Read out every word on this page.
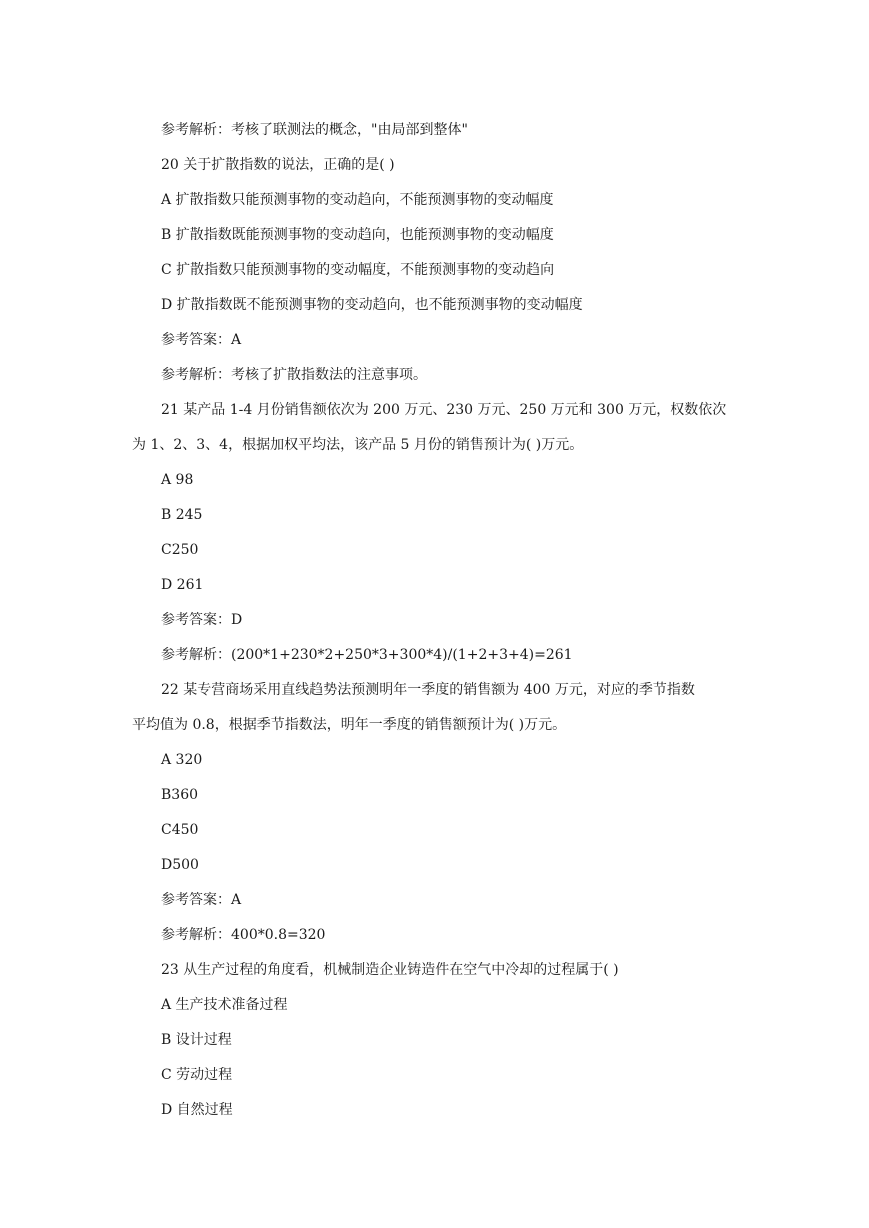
参考解析：考核了联测法的概念，"由局部到整体"
20 关于扩散指数的说法，正确的是( )
A 扩散指数只能预测事物的变动趋向，不能预测事物的变动幅度
B 扩散指数既能预测事物的变动趋向，也能预测事物的变动幅度
C 扩散指数只能预测事物的变动幅度，不能预测事物的变动趋向
D 扩散指数既不能预测事物的变动趋向，也不能预测事物的变动幅度
参考答案：A
参考解析：考核了扩散指数法的注意事项。
21 某产品 1-4 月份销售额依次为 200 万元、230 万元、250 万元和 300 万元，权数依次
为 1、2、3、4，根据加权平均法，该产品 5 月份的销售预计为( )万元。
A 98
B 245
C250
D 261
参考答案：D
参考解析：(200*1+230*2+250*3+300*4)/(1+2+3+4)=261
22 某专营商场采用直线趋势法预测明年一季度的销售额为 400 万元，对应的季节指数
平均值为 0.8，根据季节指数法，明年一季度的销售额预计为( )万元。
A 320
B360
C450
D500
参考答案：A
参考解析：400*0.8=320
23 从生产过程的角度看，机械制造企业铸造件在空气中冷却的过程属于( )
A 生产技术准备过程
B 设计过程
C 劳动过程
D 自然过程
